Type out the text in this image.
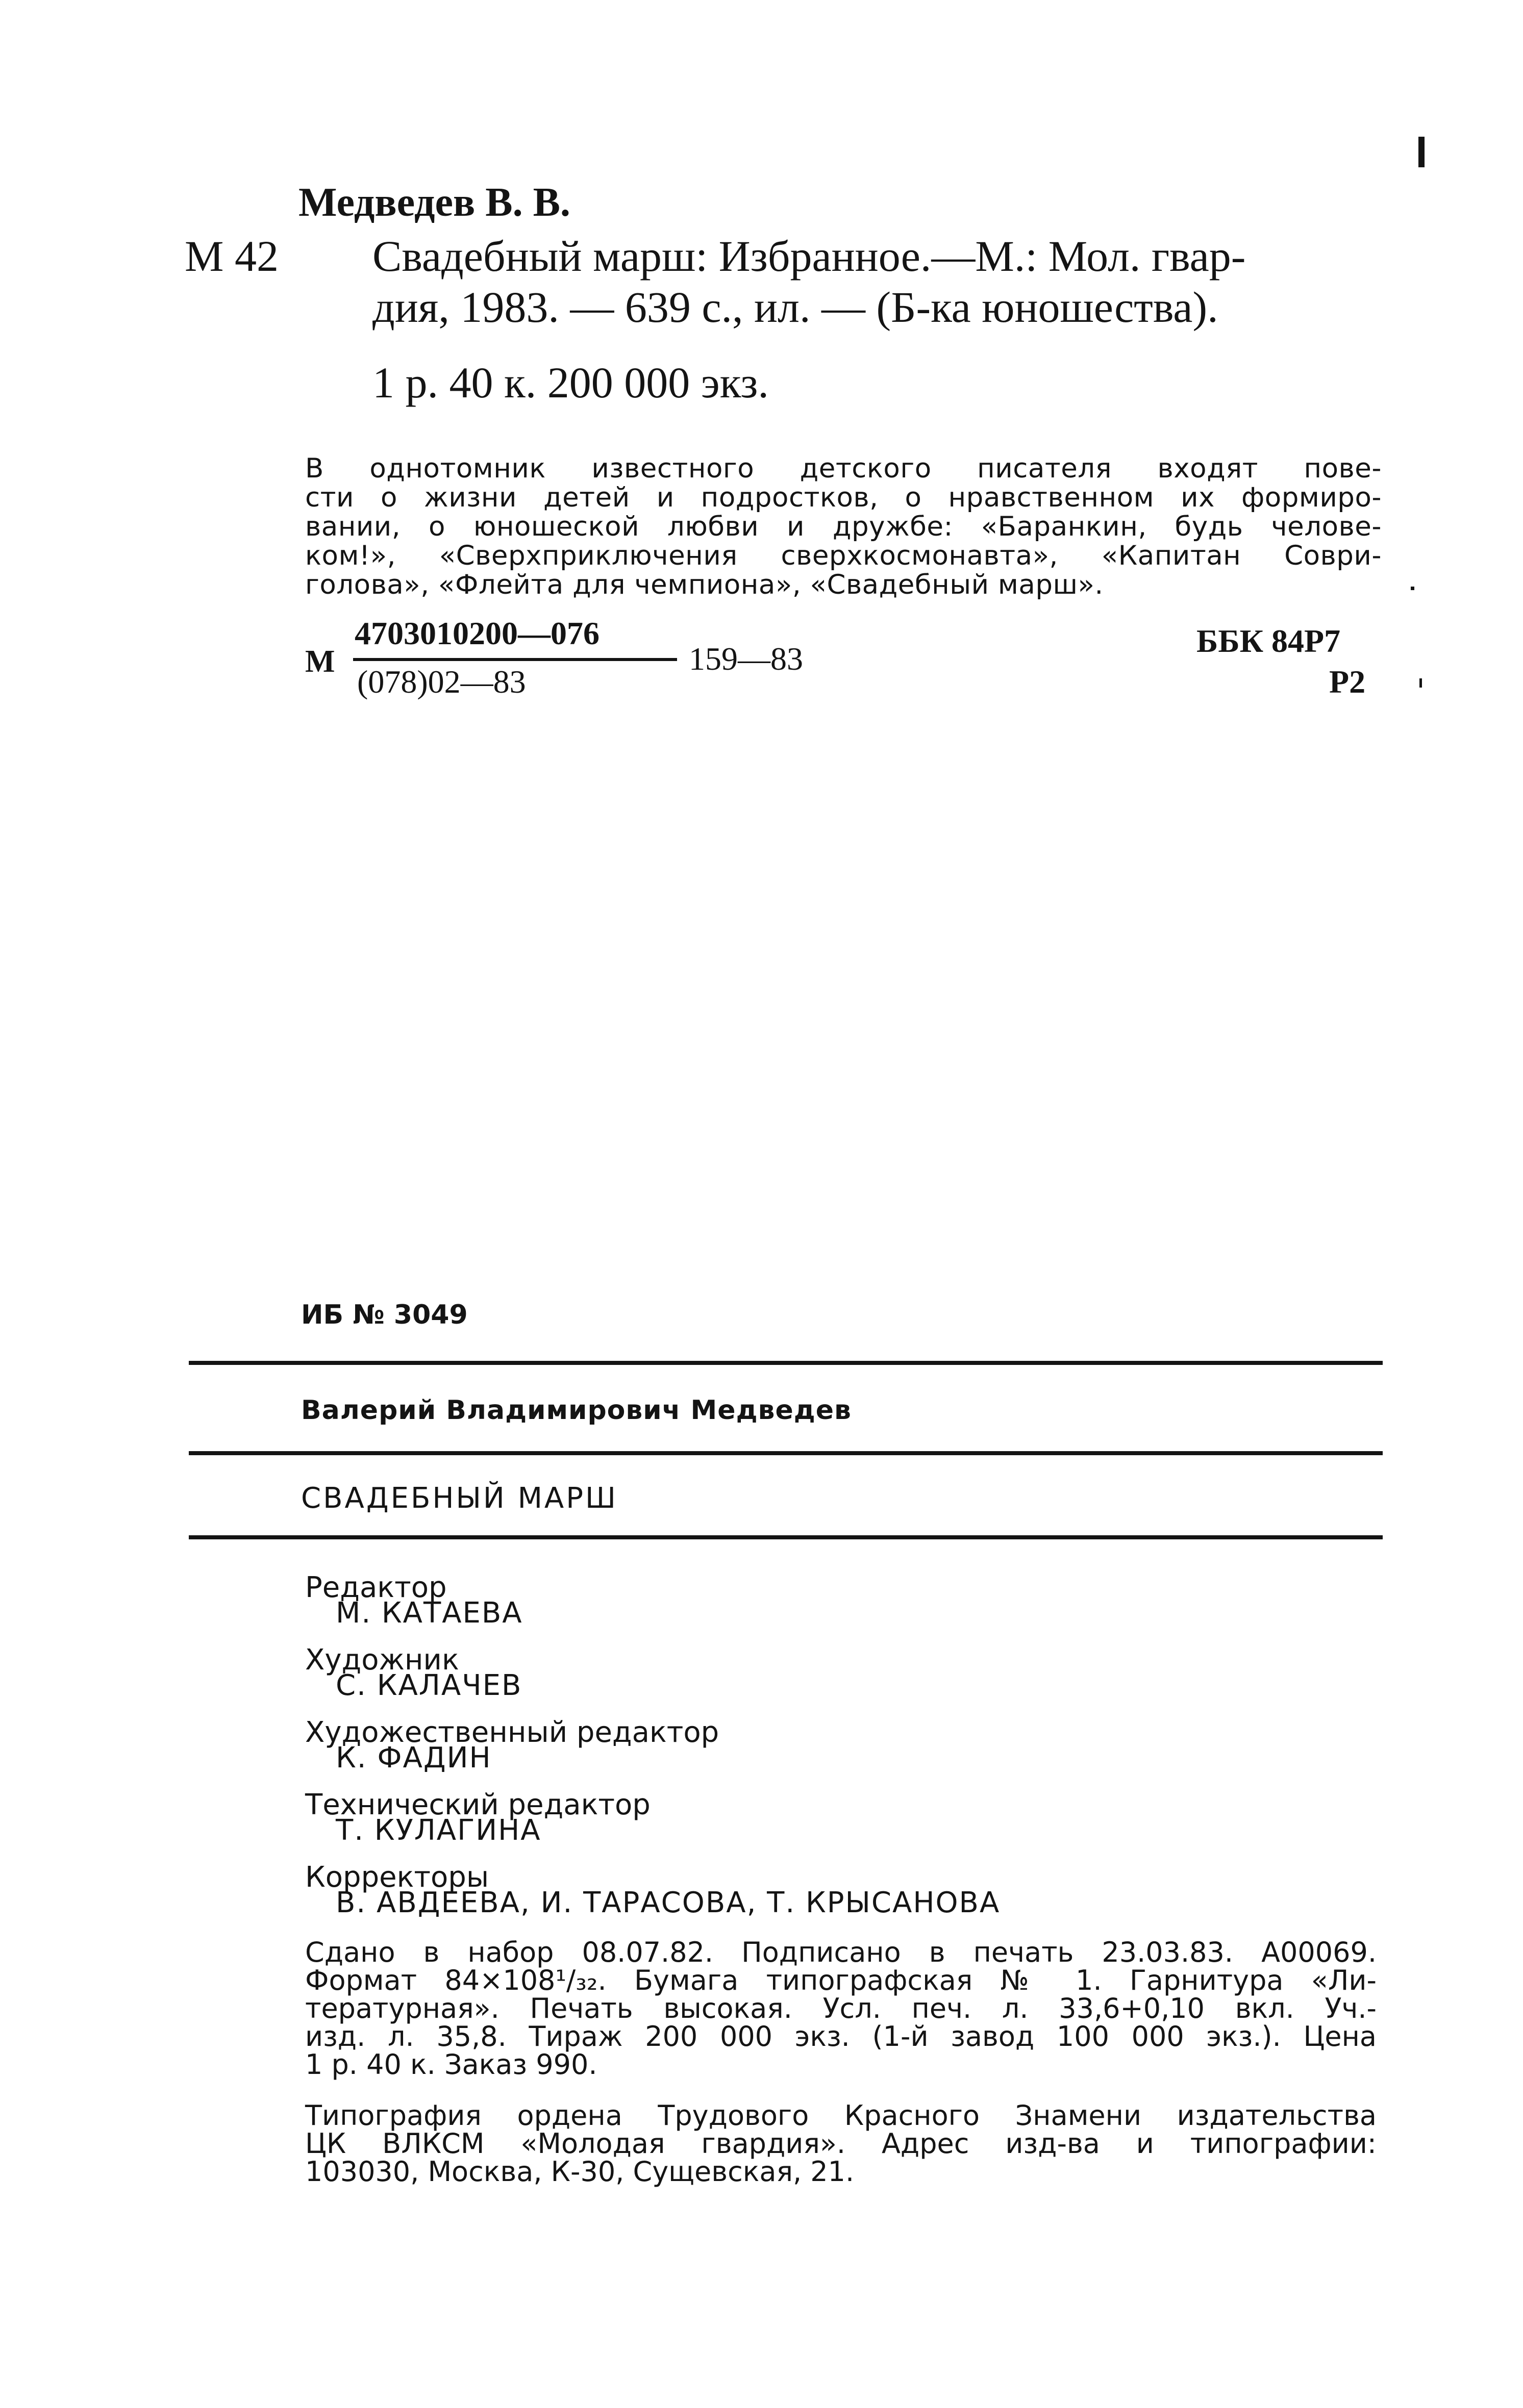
Медведев В. В.
М 42 Свадебный марш: Избранное.—М.: Мол. гвар-
дия, 1983. — 639 с., ил. — (Б-ка юношества).
1 р. 40 к. 200 000 экз.
В однотомник известного детского писателя входят пове-
сти о жизни детей и подростков, о нравственном их формиро-
вании, о юношеской любви и дружбе: «Баранкин, будь челове-
ком!», «Сверхприключения сверхкосмонавта», «Капитан Соври-
голова», «Флейта для чемпиона», «Свадебный марш».
М
4703010200—076
(078)02—83
159—83	ББК 84Р7
Р2
ИБ № 3049
Валерий Владимирович Медведев
СВАДЕБНЫЙ МАРШ
Редактор
М. КАТАЕВА
Художник
С. КАЛАЧЕВ
Художественный редактор
К. ФАДИН
Технический редактор
Т. КУЛАГИНА
Корректоры
В. АВДЕЕВА, И. ТАРАСОВА, Т. КРЫСАНОВА
Сдано в набор 08.07.82. Подписано в печать 23.03.83. А00069.
Формат 84×108¹/₃₂. Бумага типографская № 1. Гарнитура «Ли-
тературная». Печать высокая. Усл. печ. л. 33,6+0,10 вкл. Уч.-
изд. л. 35,8. Тираж 200 000 экз. (1-й завод 100 000 экз.). Цена
1 р. 40 к. Заказ 990.
Типография ордена Трудового Красного Знамени издательства
ЦК ВЛКСМ «Молодая гвардия». Адрес изд-ва и типографии:
103030, Москва, К-30, Сущевская, 21.
